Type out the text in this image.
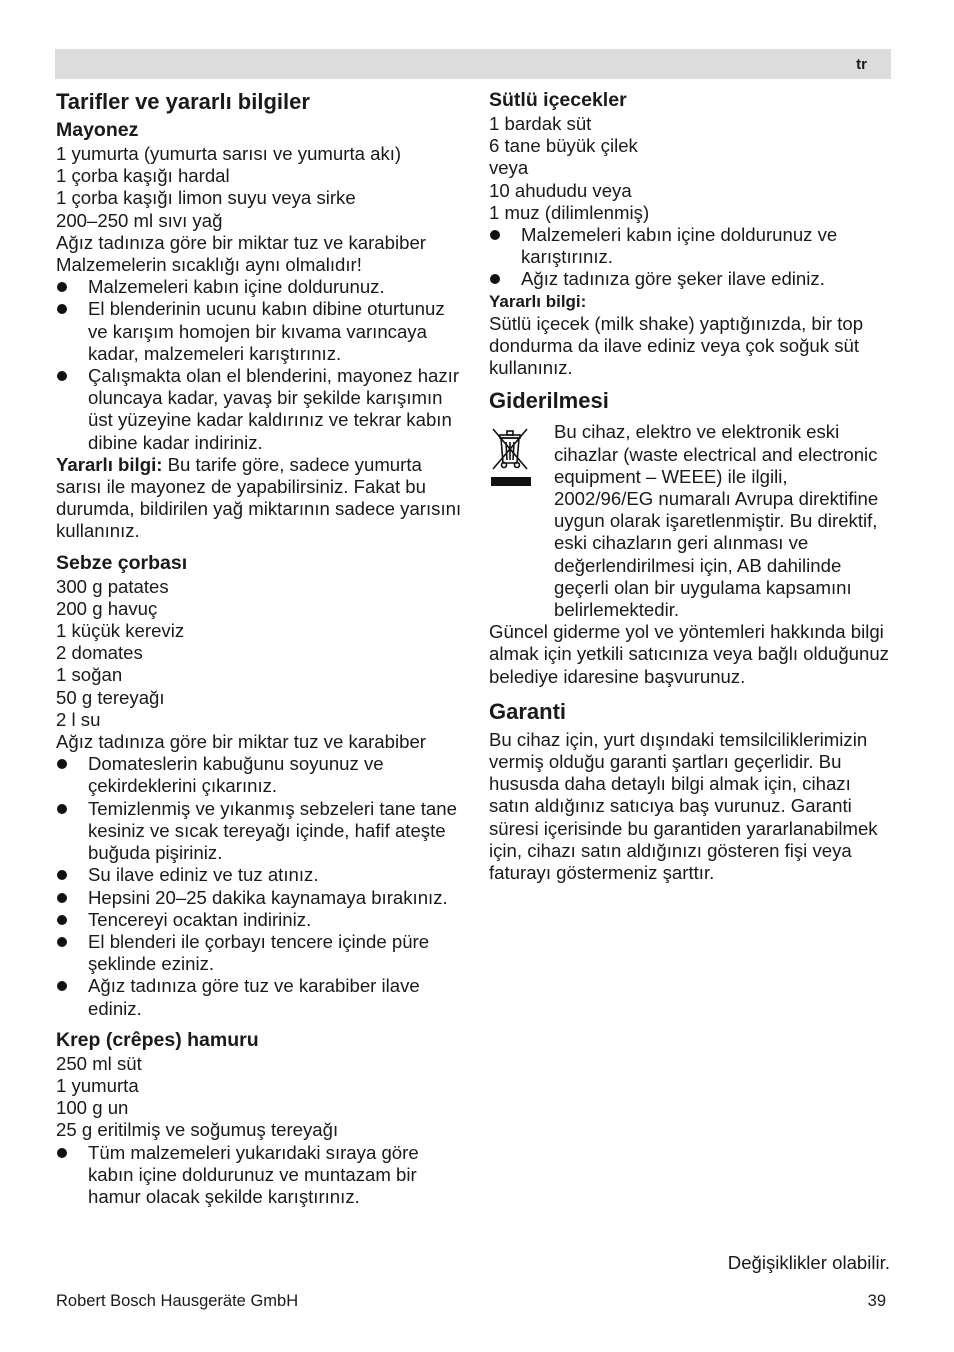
tr
Tarifler ve yararlı bilgiler
Mayonez
1 yumurta (yumurta sarısı ve yumurta akı)
1 çorba kaşığı hardal
1 çorba kaşığı limon suyu veya sirke
200–250 ml sıvı yağ
Ağız tadınıza göre bir miktar tuz ve karabiber
Malzemelerin sıcaklığı aynı olmalıdır!
Malzemeleri kabın içine doldurunuz.
El blenderinin ucunu kabın dibine oturtunuz ve karışım homojen bir kıvama varıncaya kadar, malzemeleri karıştırınız.
Çalışmakta olan el blenderini, mayonez hazır oluncaya kadar, yavaş bir şekilde karışımın üst yüzeyine kadar kaldırınız ve tekrar kabın dibine kadar indiriniz.

Yararlı bilgi: Bu tarife göre, sadece yumurta sarısı ile mayonez de yapabilirsiniz. Fakat bu durumda, bildirilen yağ miktarının sadece yarısını kullanınız.

Sebze çorbası
300 g patates
200 g havuç
1 küçük kereviz
2 domates
1 soğan
50 g tereyağı
2 l su
Ağız tadınıza göre bir miktar tuz ve karabiber
Domateslerin kabuğunu soyunuz ve çekirdeklerini çıkarınız.
Temizlenmiş ve yıkanmış sebzeleri tane tane kesiniz ve sıcak tereyağı içinde, hafif ateşte buğuda pişiriniz.
Su ilave ediniz ve tuz atınız.
Hepsini 20–25 dakika kaynamaya bırakınız.
Tencereyi ocaktan indiriniz.
El blenderi ile çorbayı tencere içinde püre şeklinde eziniz.
Ağız tadınıza göre tuz ve karabiber ilave ediniz.
Krep (crêpes) hamuru
250 ml süt
1 yumurta
100 g un
25 g eritilmiş ve soğumuş tereyağı
Tüm malzemeleri yukarıdaki sıraya göre kabın içine doldurunuz ve muntazam bir hamur olacak şekilde karıştırınız.
Sütlü içecekler
1 bardak süt
6 tane büyük çilek
veya
10 ahududu veya
1 muz (dilimlenmiş)
Malzemeleri kabın içine doldurunuz ve karıştırınız.
Ağız tadınıza göre şeker ilave ediniz.
Yararlı bilgi:

Sütlü içecek (milk shake) yaptığınızda, bir top dondurma da ilave ediniz veya çok soğuk süt kullanınız.

Giderilmesi

Bu cihaz, elektro ve elektronik eski cihazlar (waste electrical and electronic equipment – WEEE) ile ilgili, 2002/96/EG numaralı Avrupa direktifine uygun olarak işaretlenmiştir. Bu direktif, eski cihazların geri alınması ve değerlendirilmesi için, AB dahilinde geçerli olan bir uygulama kapsamını belirlemektedir.

Güncel giderme yol ve yöntemleri hakkında bilgi almak için yetkili satıcınıza veya bağlı olduğunuz belediye idaresine başvurunuz.

Garanti

Bu cihaz için, yurt dışındaki temsilciliklerimizin vermiş olduğu garanti şartları geçerlidir. Bu hususda daha detaylı bilgi almak için, cihazı satın aldığınız satıcıya baş vurunuz. Garanti süresi içerisinde bu garantiden yararlanabilmek için, cihazı satın aldığınızı gösteren fişi veya faturayı göstermeniz şarttır.

Değişiklikler olabilir.
Robert Bosch Hausgeräte GmbH	39
